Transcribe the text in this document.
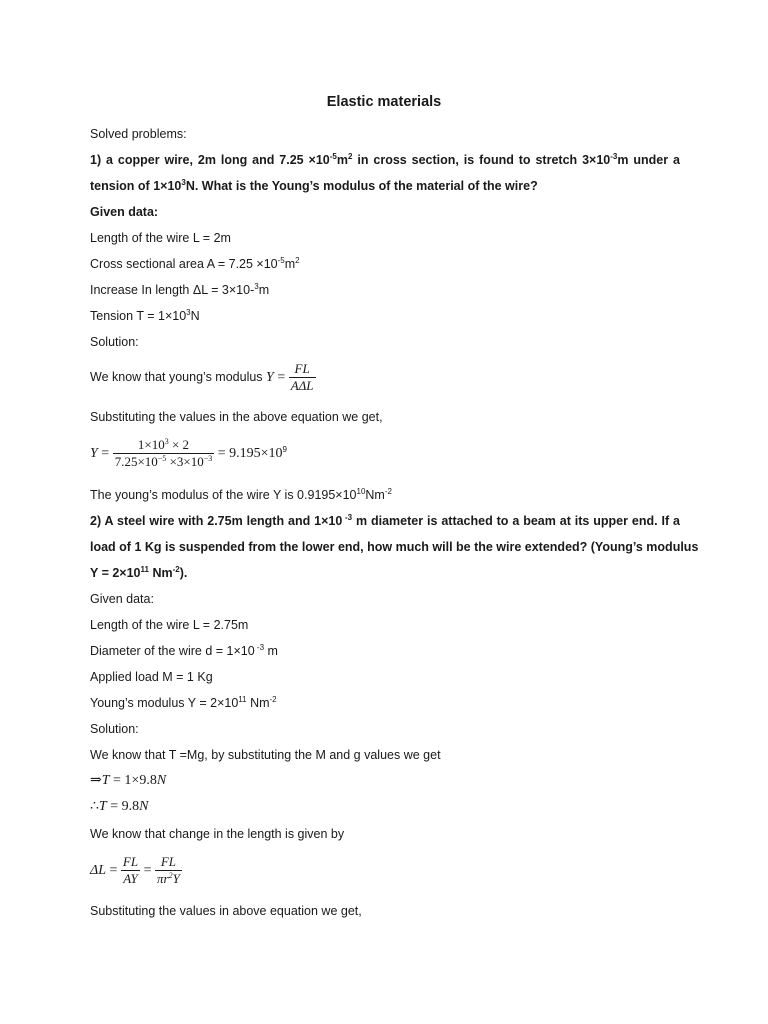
Elastic materials
Solved problems:
1) a copper wire, 2m long and $7.25 \times 10^{-5}m^2$ in cross section, is found to stretch $3\times 10^{-3}m$ under a
tension of $1\times 10^3N$. What is the Young’s modulus of the material of the wire?
Given data:
Length of the wire L = 2m
Cross sectional area $A = 7.25 \times 10^{-5}m^2$
Increase In length ΔL = 3×10-$^3$m
Tension $T = 1\times 10^3N$
Solution:
We know that young’s modulus $Y = \frac{FL}{\text{AΔL}}$
Substituting the values in the above equation we get,
$Y = \frac{1\times 10^3 \times 2}{7.25\times 10^{-5} \times 3\times 10^{-3}} = 9.195\times 10^9$
The young’s modulus of the wire Y is $0.9195\times 10^{10}Nm^{-2}$
2) A steel wire with 2.75m length and 1×10 $^{-3}$ m diameter is attached to a beam at its upper end. If a
load of 1 Kg is suspended from the lower end, how much will be the wire extended? (Young’s modulus
$Y = 2\times 10^{11}$ $Nm^{-2}$).
Given data:
Length of the wire L = 2.75m
Diameter of the wire d = 1×10 $^{-3}$ m
Applied load M = 1 Kg
Young’s modulus $Y = 2\times 10^{11}$ $Nm^{-2}$
Solution:
We know that T =Mg, by substituting the M and g values we get
⇒T = 1×9.8N
∴T = 9.8N
We know that change in the length is given by
$\Delta L = \frac{FL}{AY} = \frac{FL}{\pi r^2Y}$
Substituting the values in above equation we get,
